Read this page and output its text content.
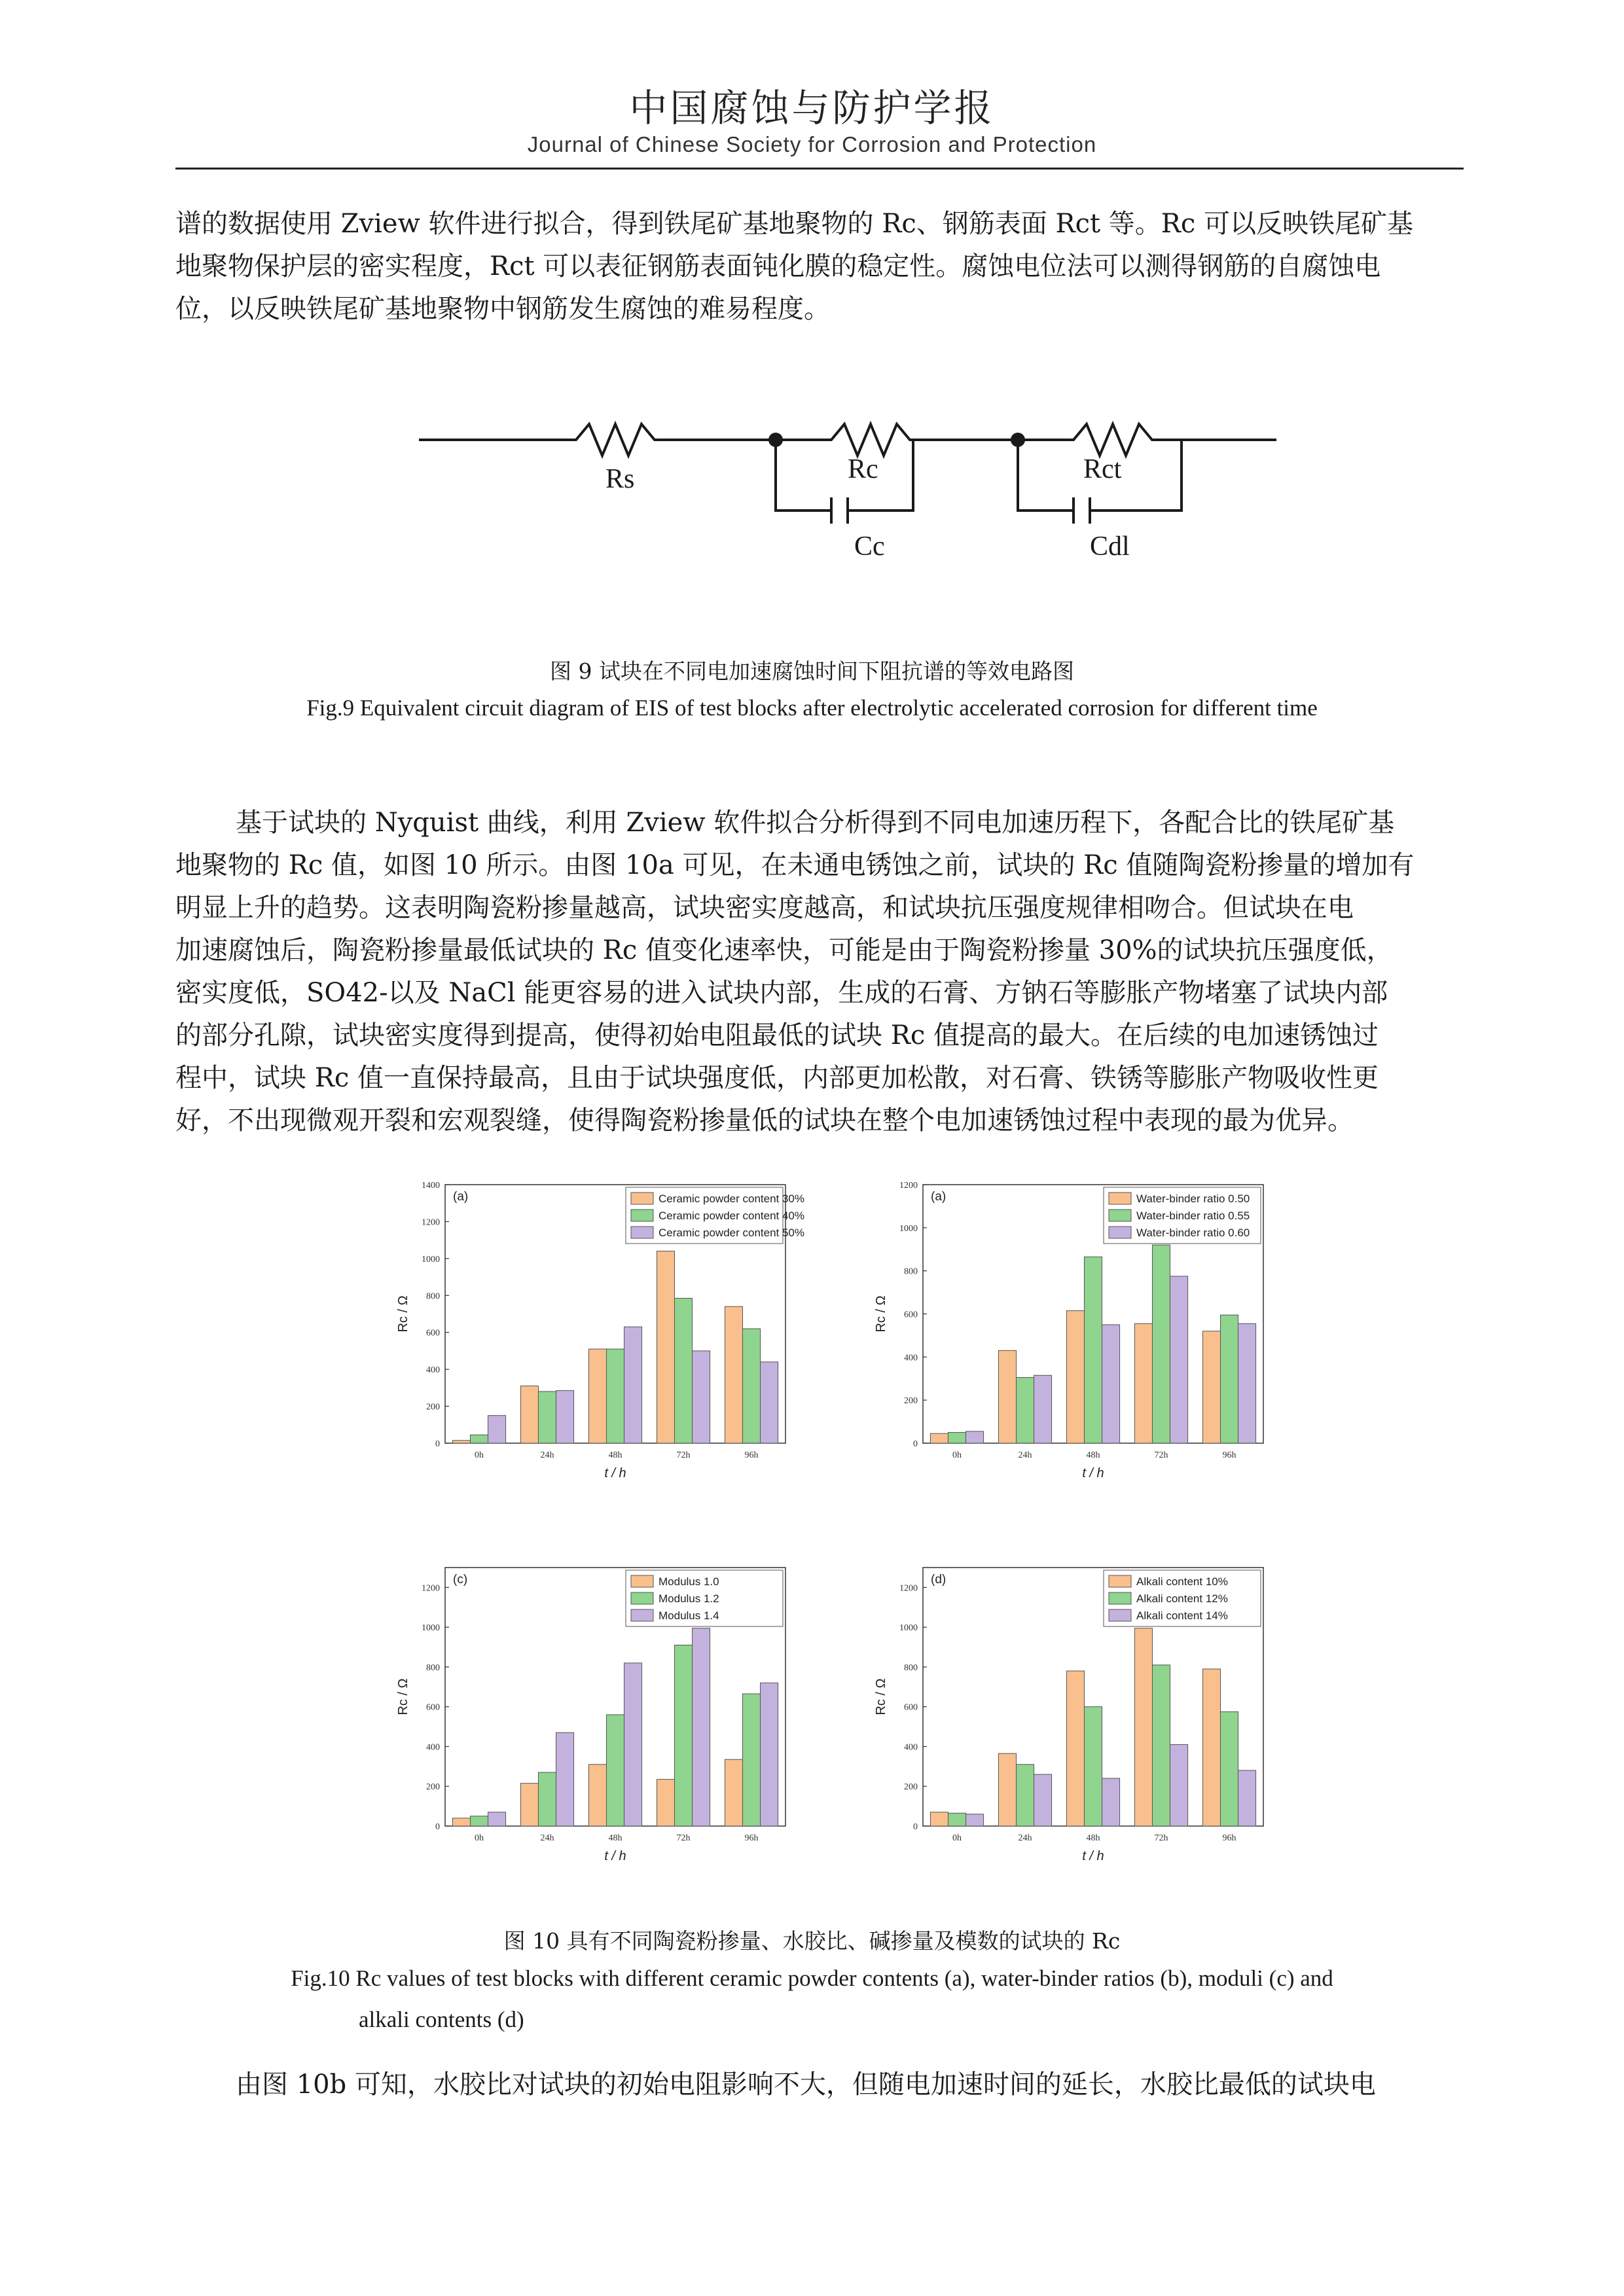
中国腐蚀与防护学报
Journal of Chinese Society for Corrosion and Protection

谱的数据使用 Zview 软件进行拟合，得到铁尾矿基地聚物的 Rc、钢筋表面 Rct 等。Rc 可以反映铁尾矿基

地聚物保护层的密实程度，Rct 可以表征钢筋表面钝化膜的稳定性。腐蚀电位法可以测得钢筋的自腐蚀电

位，以反映铁尾矿基地聚物中钢筋发生腐蚀的难易程度。

Rs	Rc	Rct
Cc	Cdl
图 9 试块在不同电加速腐蚀时间下阻抗谱的等效电路图
Fig.9 Equivalent circuit diagram of EIS of test blocks after electrolytic accelerated corrosion for different time

基于试块的 Nyquist 曲线，利用 Zview 软件拟合分析得到不同电加速历程下，各配合比的铁尾矿基

地聚物的 Rc 值，如图 10 所示。由图 10a 可见，在未通电锈蚀之前，试块的 Rc 值随陶瓷粉掺量的增加有

明显上升的趋势。这表明陶瓷粉掺量越高，试块密实度越高，和试块抗压强度规律相吻合。但试块在电

加速腐蚀后，陶瓷粉掺量最低试块的 Rc 值变化速率快，可能是由于陶瓷粉掺量 30%的试块抗压强度低，

密实度低，SO42-以及 NaCl 能更容易的进入试块内部，生成的石膏、方钠石等膨胀产物堵塞了试块内部

的部分孔隙，试块密实度得到提高，使得初始电阻最低的试块 Rc 值提高的最大。在后续的电加速锈蚀过

程中，试块 Rc 值一直保持最高，且由于试块强度低，内部更加松散，对石膏、铁锈等膨胀产物吸收性更

好，不出现微观开裂和宏观裂缝，使得陶瓷粉掺量低的试块在整个电加速锈蚀过程中表现的最为优异。

0
200
400
600
800
1000
1200
1400
0h	24h	48h	72h	96h
t / h
Rc / Ω
(a)	Ceramic powder content 30%
Ceramic powder content 40%
Ceramic powder content 50%
0
200
400
600
800
1000
1200
0h	24h	48h	72h	96h
t / h
Rc / Ω
(a)	Water-binder ratio 0.50
Water-binder ratio 0.55
Water-binder ratio 0.60
0
200
400
600
800
1000
1200
0h	24h	48h	72h	96h
t / h
Rc / Ω
(c)	Modulus 1.0
Modulus 1.2
Modulus 1.4
0
200
400
600
800
1000
1200
0h	24h	48h	72h	96h
t / h
Rc / Ω
(d)	Alkali content 10%
Alkali content 12%
Alkali content 14%
图 10 具有不同陶瓷粉掺量、水胶比、碱掺量及模数的试块的 Rc
Fig.10 Rc values of test blocks with different ceramic powder contents (a), water-binder ratios (b), moduli (c) and
alkali contents (d)

由图 10b 可知，水胶比对试块的初始电阻影响不大，但随电加速时间的延长，水胶比最低的试块电
